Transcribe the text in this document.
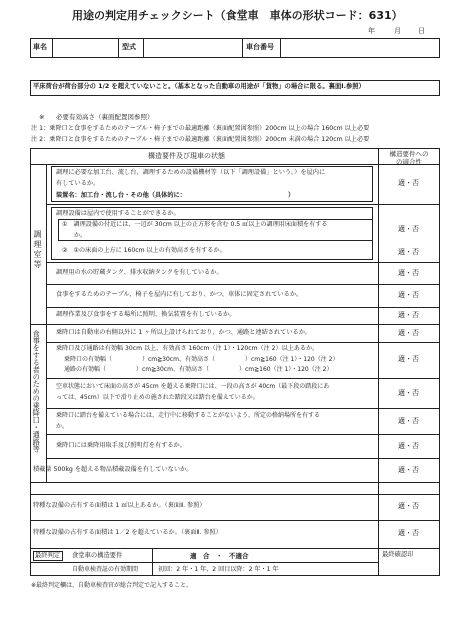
用途の判定用チェックシート（食堂車　車体の形状コード：631）
年	月 日
車名	型式	車台番号
平床荷台が荷台部分の 1/2 を超えていないこと。（基本となった自動車の用途が「貨物」の場合に限る。裏面Ⅰ.参照）
※ 必要有効高さ（裏面配置図参照）
注 1：乗降口と食事をするためのテーブル・椅子までの最適距離（裏面配置図参照）200cm 以上の場合 160cm 以上必要
注 2：乗降口と食事をするためのテーブル・椅子までの最適距離（裏面配置図参照）200cm 未満の場合 120cm 以上必要
構造要件及び現車の状態	構造要件への
の適合性
調理室等
食事をする者のための乗降口・通路等
調理に必要な加工台、流し台、調理するための設備機材等（以下「調理設備」という。）を屋内に
有しているか。
装置名：加工台・流し台・その他（具体的に：　　　　　　　　　　　　　　　　　）
適・否
調理設備は屋内で使用することができるか。
①　調理設備の付近には、一辺が 30cm 以上の正方形を含む 0.5 ㎡以上の調理用床面積を有する
か。
②　①の床面の上方に 160cm 以上の有効高さを有するか。
適・否
適・否
調理用の水の貯蔵タンク、排水収納タンクを有しているか。	適・否
食事をするためのテーブル、椅子を屋内に有しており、かつ、車体に固定されているか。	適・否
調理作業及び食事をする場所に照明、換気装置を有しているか。	適・否
乗降口は自動車の右側以外に 1 ヶ所以上設けられており、かつ、通路と連結されているか。	適・否
乗降口及び通路は有効幅 30cm 以上、有効高さ 160cm（注 1）・120cm（注 2）以上あるか。
乗降口の有効幅（　　　　　）cm≧30cm、有効高さ（　　　　　）cm≧160（注 1）・120（注 2）
通路の有効幅（　　　　　）cm≧30cm、有効高さ（　　　　　）cm≧160（注 1）・120（注 2）
適・否
空車状態において床面の高さが 45cm を超える乗降口には、一段の高さが 40cm（最下段の踏段にあ
っては、45cm）以下で滑り止めの施された踏段又は踏台を備えているか。
適・否
乗降口に踏台を備えている場合には、走行中に移動することがないよう、所定の格納場所を有する
か。
適・否
乗降口には乗降用取手及び照明灯を有するか。	適・否
積載量 500kg を超える物品積載設備を有していないか。	適・否
特種な設備の占有する面積は 1 ㎡以上あるか。（裏面Ⅱ. 参照）	適・否
特種な設備の占有する面積は 1／2 を超えているか。（裏面Ⅱ. 参照）	適・否
最終判定 食堂車の構造要件	適　合　・　不適合
自動車検査証の有効期間	初回：2 年・1 年、2 回目以降：2 年・1 年
最終確認印
※最終判定欄は、自動車検査官が総合判定で記入すること。
